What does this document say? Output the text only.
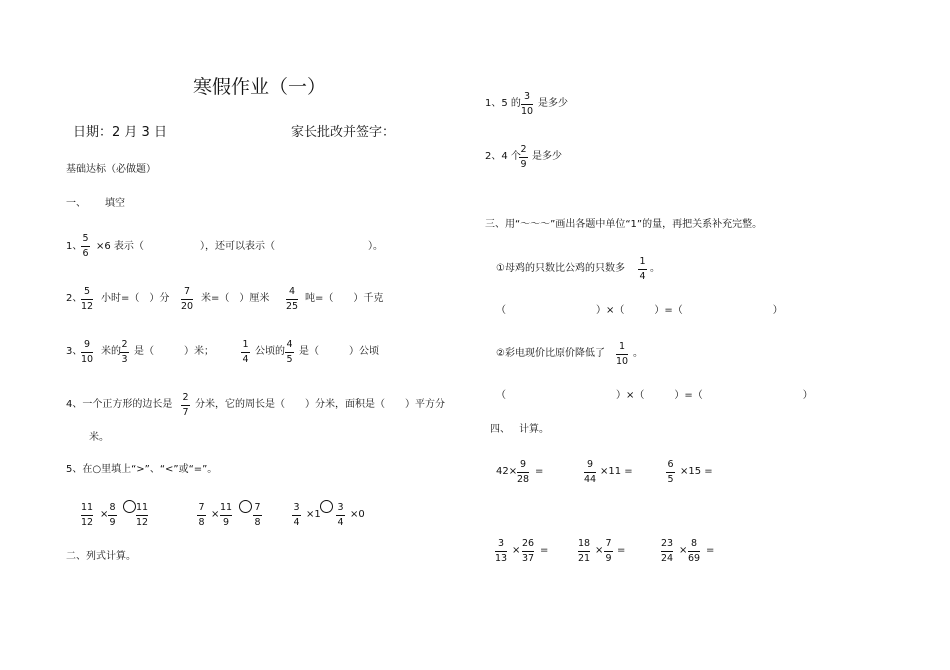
寒假作业（一）
日期：2 月 3 日	家长批改并签字：
基础达标（必做题）
一、 填空
1、
5
6
×6 表示（	），还可以表示（	）。
2、
5
12
小时=（　）分
7
20
米=（　）厘米
4
25
吨=（　　）千克
3、
9
10
米的
2
3
是（　　　）米；
1
4
公顷的
4
5
是（　　　）公顷
4、一个正方形的边长是
2
7
分米，它的周长是（　　）分米，面积是（　　）平方分
米。
5、在○里填上“>”、“<”或“=”。
11
12
×
8
9
11
12
7
8
×
11
9
7
8
3
4
×1
3
4
×0
二、列式计算。
1、5 的
3
10
是多少
2、4 个
2
9
是多少
三、用“～～～”画出各题中单位“1”的量，再把关系补充完整。
①母鸡的只数比公鸡的只数多
1
4
。
（　　　　　　　　　）×（　　　）=（　　　　　　　　　）
②彩电现价比原价降低了
1
10
。
（　　　　　　　　　　　）×（　　　）=（　　　　　　　　　　）
四、 计算。
42×
9
28
=
9
44
×11 =
6
5
×15 =
3
13
×
26
37
=
18
21
×
7
9
=
23
24
×
8
69
=
